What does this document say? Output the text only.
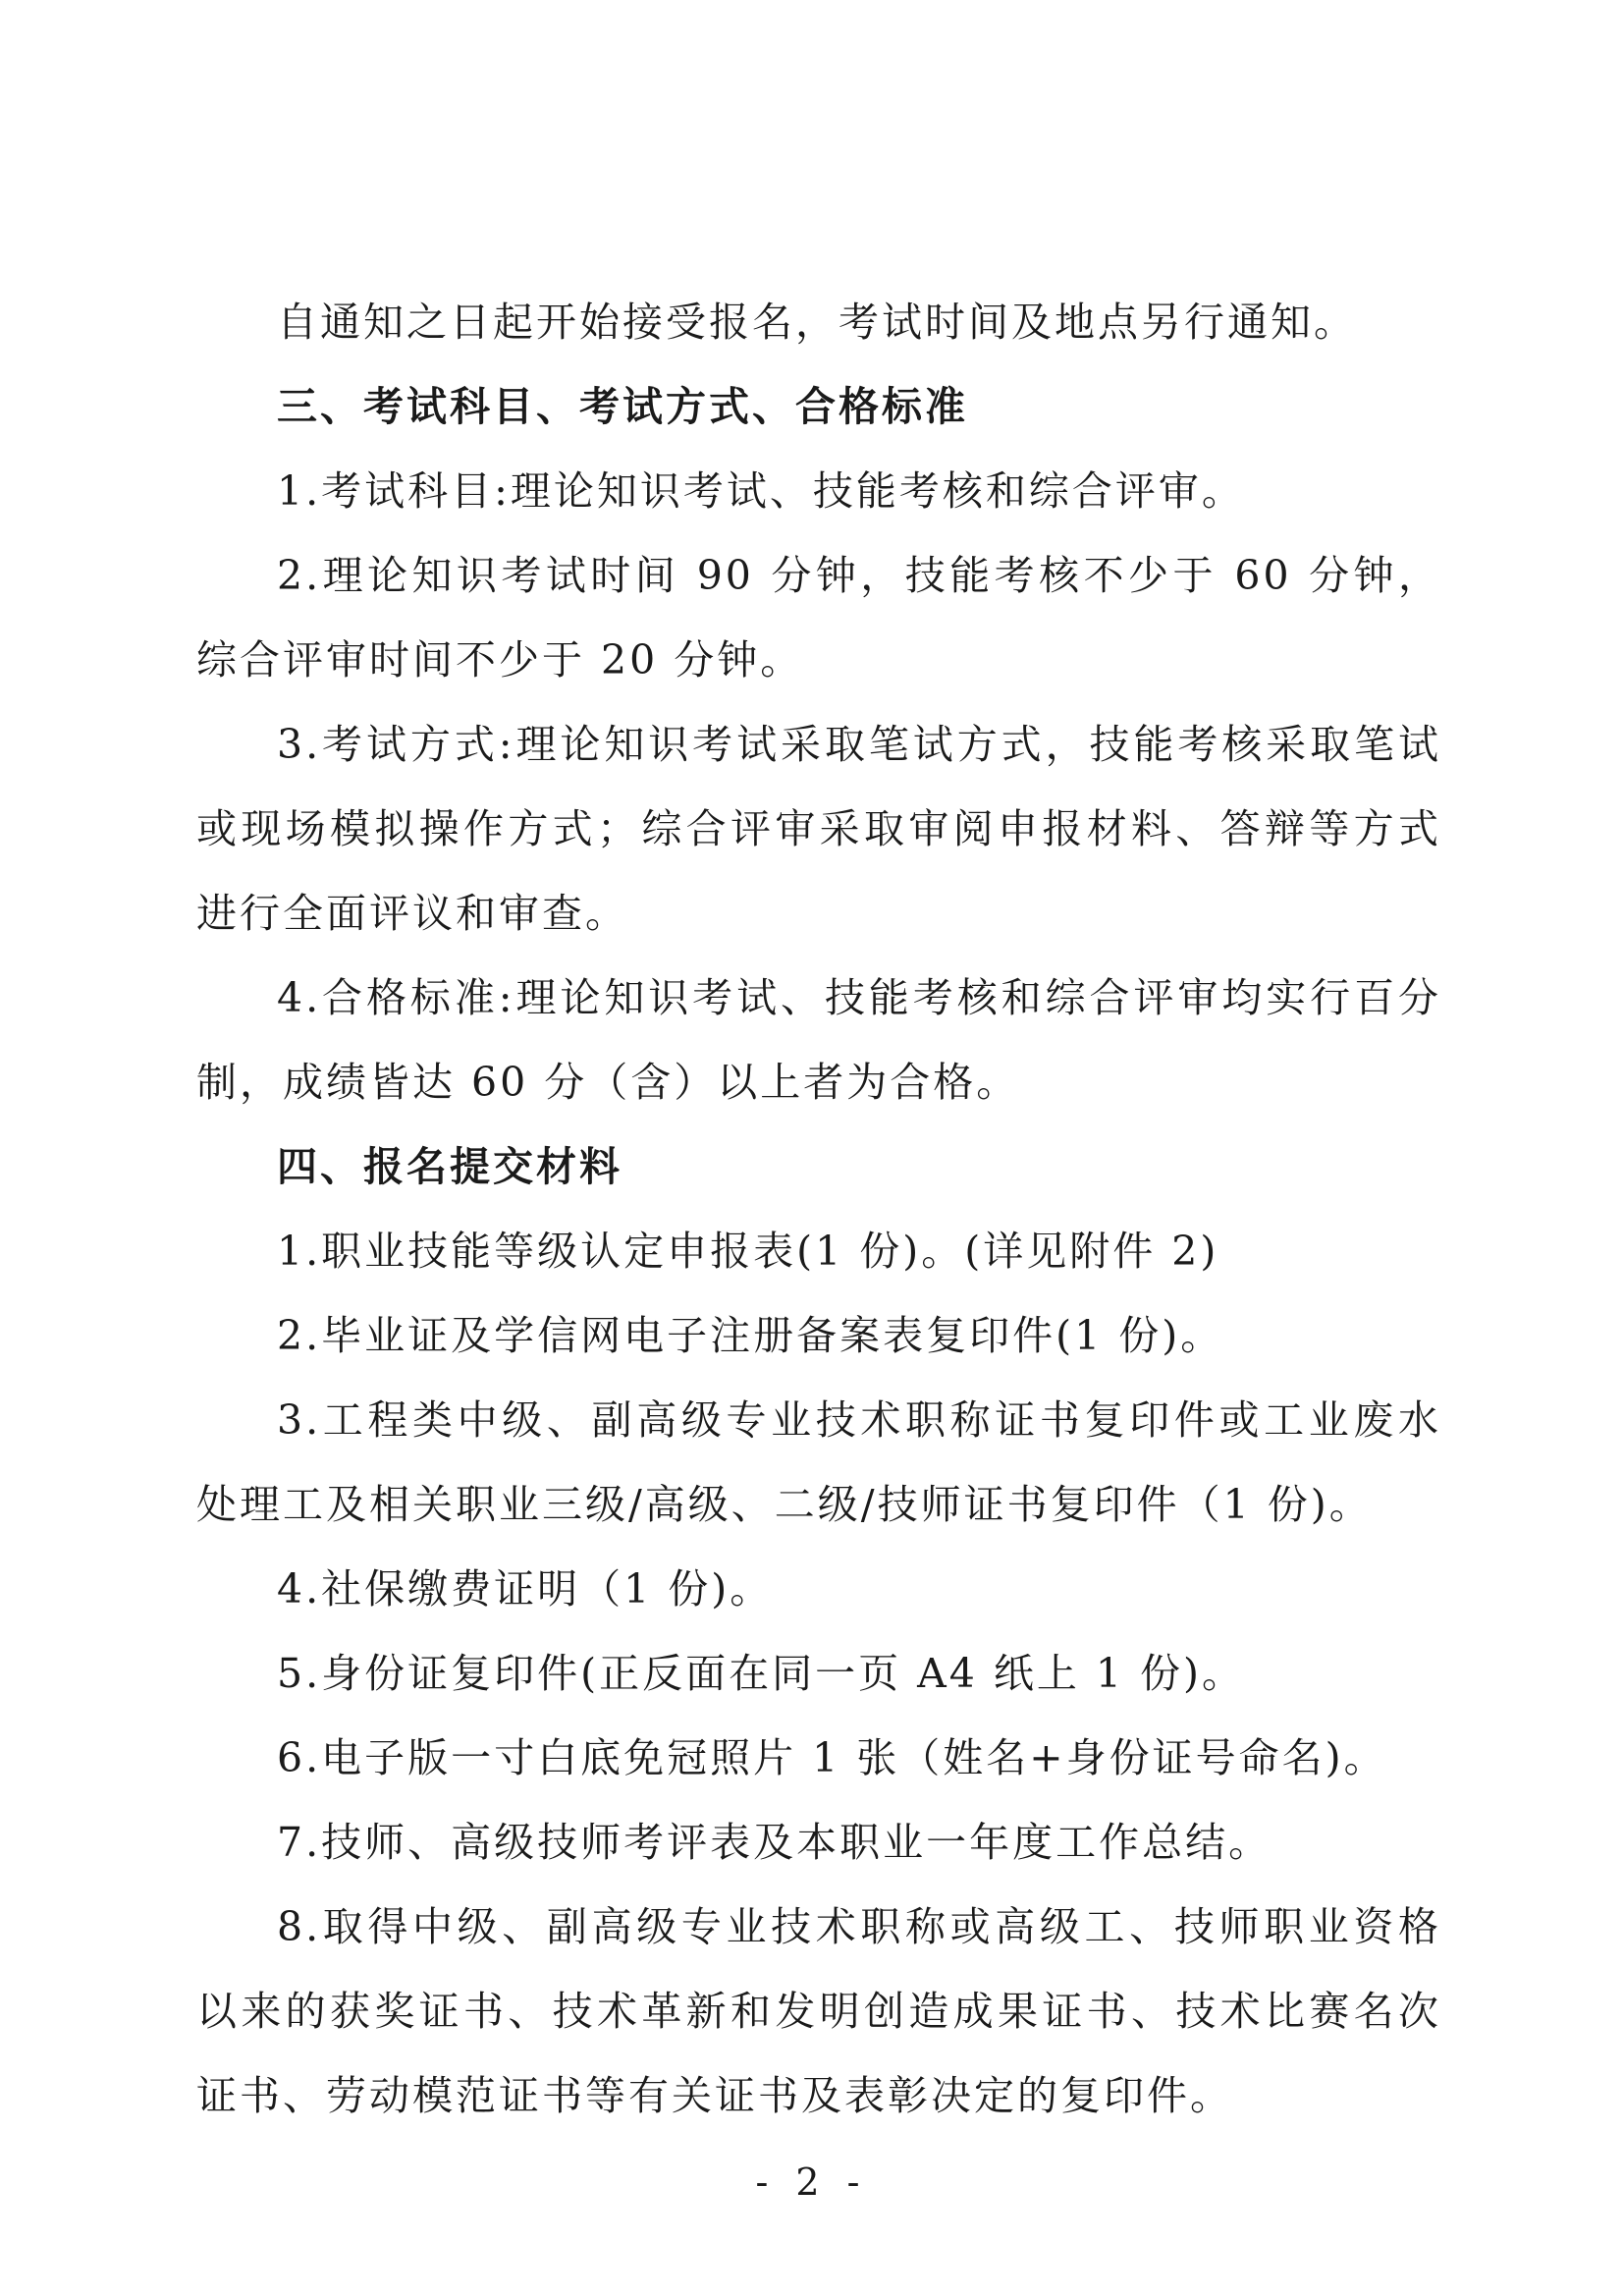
自通知之日起开始接受报名，考试时间及地点另行通知。

三、考试科目、考试方式、合格标准

1.考试科目:理论知识考试、技能考核和综合评审。

2.理论知识考试时间 90 分钟，技能考核不少于 60 分钟，综合评审时间不少于 20 分钟。

3.考试方式:理论知识考试采取笔试方式，技能考核采取笔试或现场模拟操作方式；综合评审采取审阅申报材料、答辩等方式进行全面评议和审查。

4.合格标准:理论知识考试、技能考核和综合评审均实行百分制，成绩皆达 60 分（含）以上者为合格。

四、报名提交材料

1.职业技能等级认定申报表(1 份)。(详见附件 2)

2.毕业证及学信网电子注册备案表复印件(1 份)。

3.工程类中级、副高级专业技术职称证书复印件或工业废水处理工及相关职业三级/高级、二级/技师证书复印件（1 份)。

4.社保缴费证明（1 份)。

5.身份证复印件(正反面在同一页 A4 纸上 1 份)。

6.电子版一寸白底免冠照片 1 张（姓名+身份证号命名)。

7.技师、高级技师考评表及本职业一年度工作总结。

8.取得中级、副高级专业技术职称或高级工、技师职业资格以来的获奖证书、技术革新和发明创造成果证书、技术比赛名次证书、劳动模范证书等有关证书及表彰决定的复印件。

- 2 -
